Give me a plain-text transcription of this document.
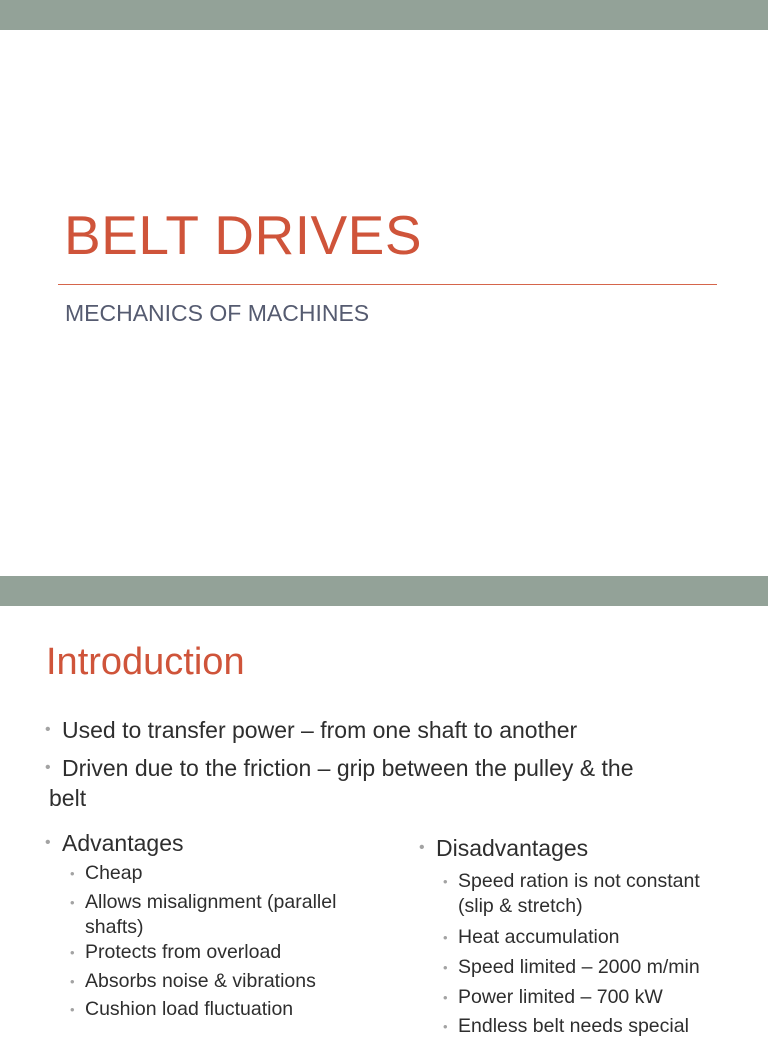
BELT DRIVES
MECHANICS OF MACHINES
Introduction
• Used to transfer power – from one shaft to another
• Driven due to the friction – grip between the pulley & the
belt
• Advantages
• Cheap
• Allows misalignment (parallel
shafts)
• Protects from overload
• Absorbs noise & vibrations
• Cushion load fluctuation
• Disadvantages
• Speed ration is not constant
(slip & stretch)
• Heat accumulation
• Speed limited – 2000 m/min
• Power limited – 700 kW
• Endless belt needs special
